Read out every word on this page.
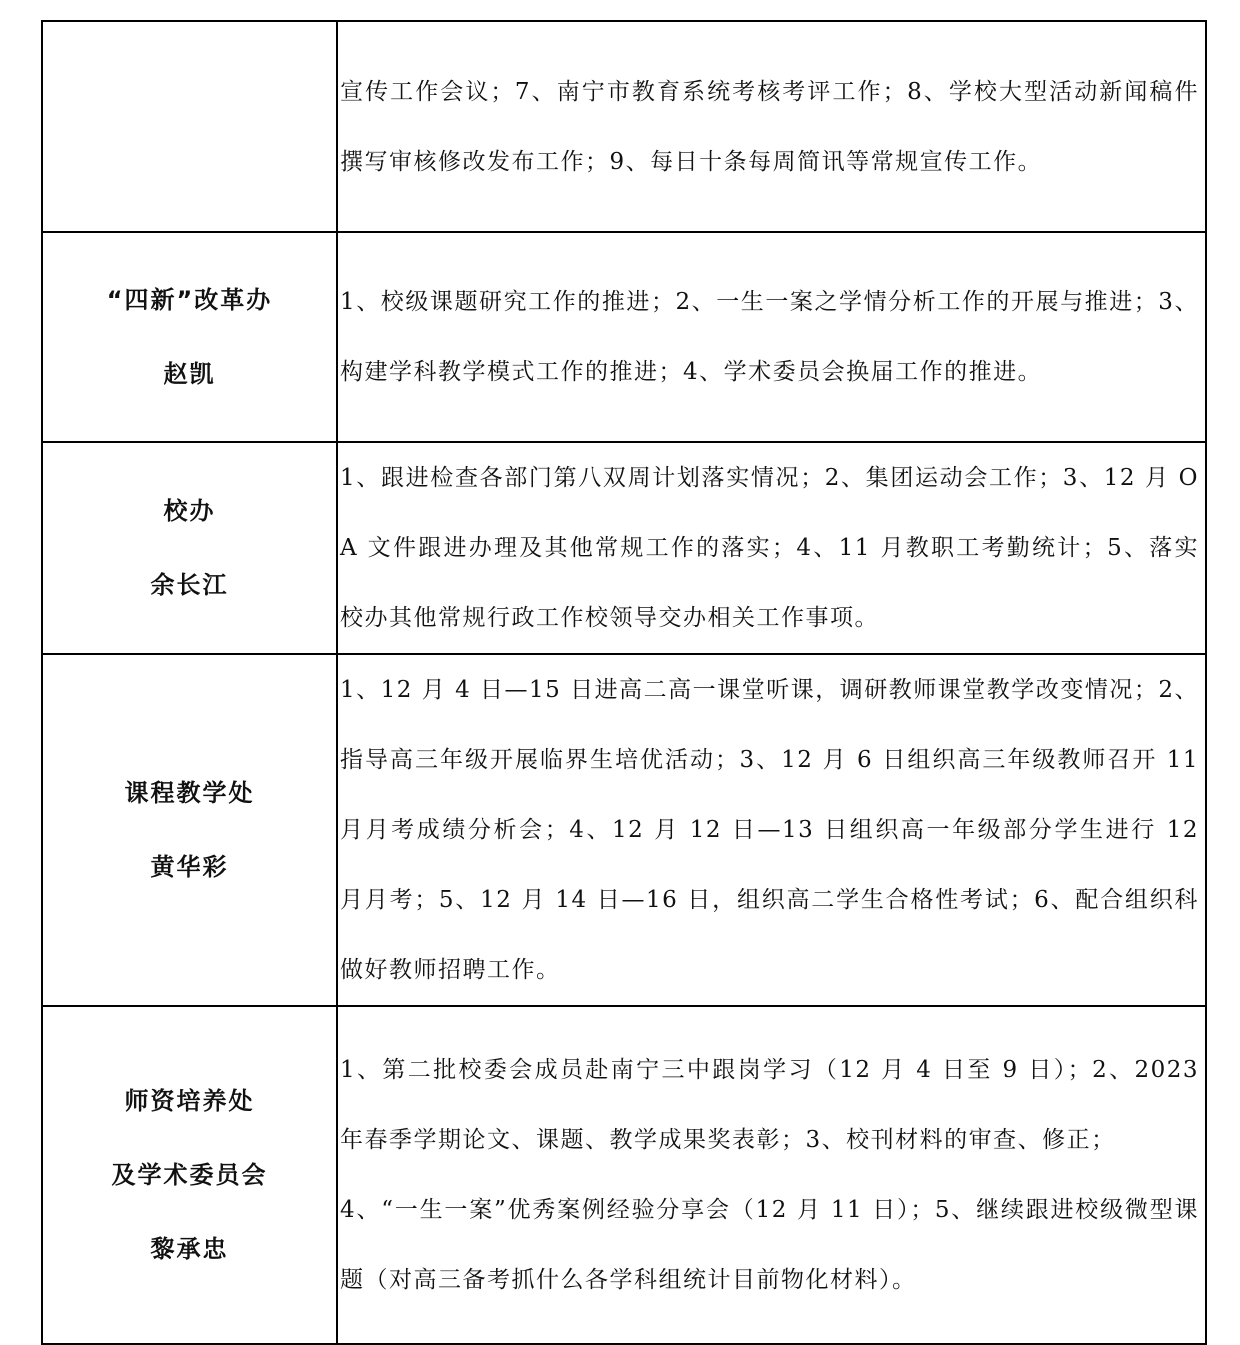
	宣传工作会议；7、南宁市教育系统考核考评工作；8、学校大型活动新闻稿件撰写审核修改发布工作；9、每日十条每周简讯等常规宣传工作。

“四新”改革办
赵凯	1、校级课题研究工作的推进；2、一生一案之学情分析工作的开展与推进；3、构建学科教学模式工作的推进；4、学术委员会换届工作的推进。

校办
余长江	1、跟进检查各部门第八双周计划落实情况；2、集团运动会工作；3、12 月 OA 文件跟进办理及其他常规工作的落实；4、11 月教职工考勤统计；5、落实校办其他常规行政工作校领导交办相关工作事项。

课程教学处
黄华彩	1、12 月 4 日—15 日进高二高一课堂听课，调研教师课堂教学改变情况；2、指导高三年级开展临界生培优活动；3、12 月 6 日组织高三年级教师召开 11 月月考成绩分析会；4、12 月 12 日—13 日组织高一年级部分学生进行 12 月月考；5、12 月 14 日—16 日，组织高二学生合格性考试；6、配合组织科做好教师招聘工作。

师资培养处
及学术委员会
黎承忠	1、第二批校委会成员赴南宁三中跟岗学习（12 月 4 日至 9 日）；2、2023 年春季学期论文、课题、教学成果奖表彰；3、校刊材料的审查、修正；
4、“一生一案”优秀案例经验分享会（12 月 11 日）；5、继续跟进校级微型课题（对高三备考抓什么各学科组统计目前物化材料）。
